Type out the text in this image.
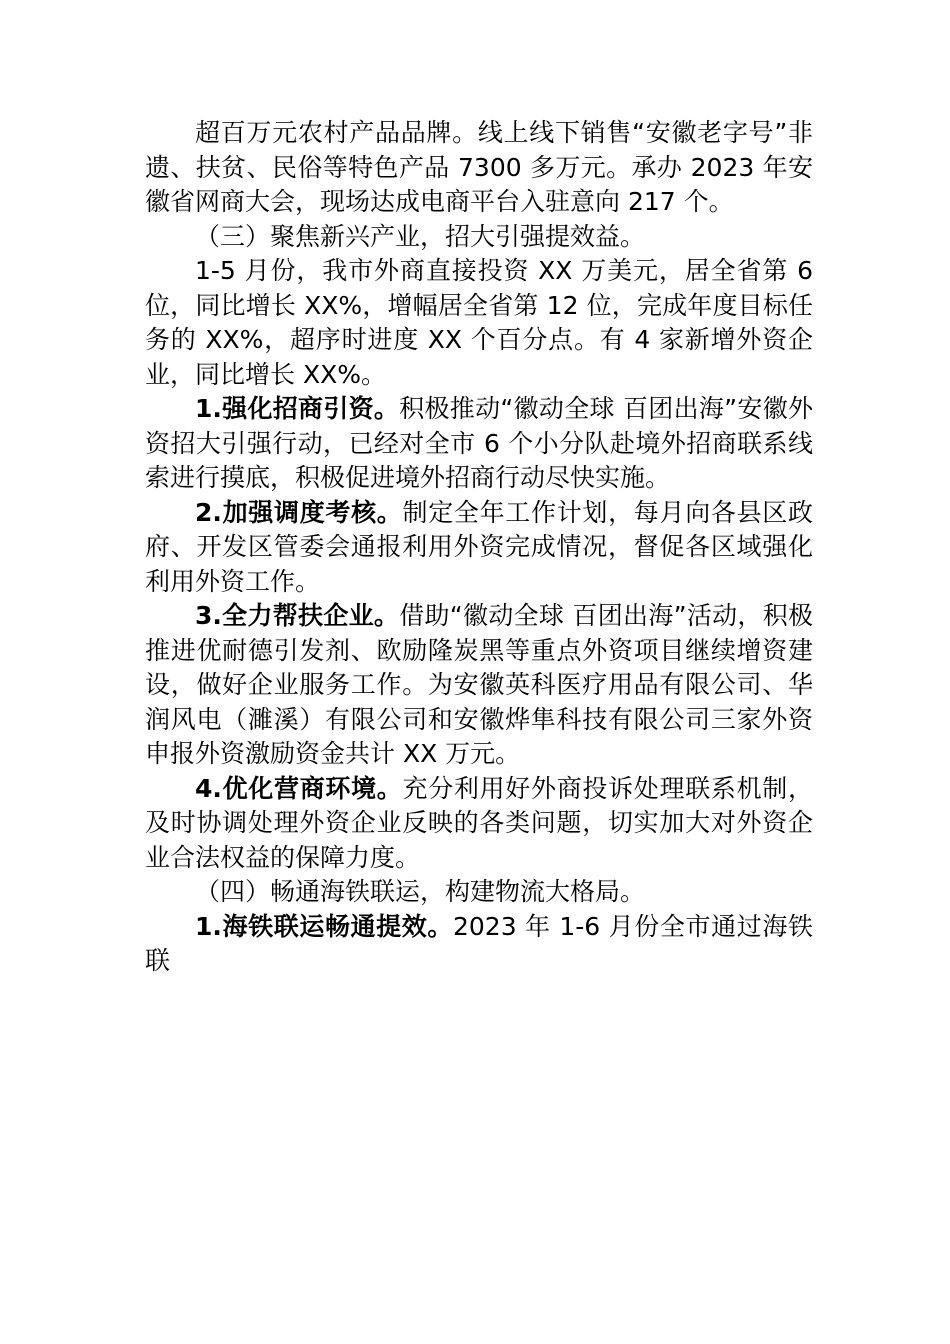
超百万元农村产品品牌。线上线下销售“安徽老字号”非遗、扶贫、民俗等特色产品 7300 多万元。承办 2023 年安徽省网商大会，现场达成电商平台入驻意向 217 个。

（三）聚焦新兴产业，招大引强提效益。

1-5 月份，我市外商直接投资 XX 万美元，居全省第 6 位，同比增长 XX%，增幅居全省第 12 位，完成年度目标任务的 XX%，超序时进度 XX 个百分点。有 4 家新增外资企业，同比增长 XX%。

1.强化招商引资。积极推动“徽动全球 百团出海”安徽外资招大引强行动，已经对全市 6 个小分队赴境外招商联系线索进行摸底，积极促进境外招商行动尽快实施。

2.加强调度考核。制定全年工作计划，每月向各县区政府、开发区管委会通报利用外资完成情况，督促各区域强化利用外资工作。

3.全力帮扶企业。借助“徽动全球 百团出海”活动，积极推进优耐德引发剂、欧励隆炭黑等重点外资项目继续增资建设，做好企业服务工作。为安徽英科医疗用品有限公司、华润风电（濉溪）有限公司和安徽烨隼科技有限公司三家外资申报外资激励资金共计 XX 万元。

4.优化营商环境。充分利用好外商投诉处理联系机制，及时协调处理外资企业反映的各类问题，切实加大对外资企业合法权益的保障力度。

（四）畅通海铁联运，构建物流大格局。

1.海铁联运畅通提效。2023 年 1-6 月份全市通过海铁联
